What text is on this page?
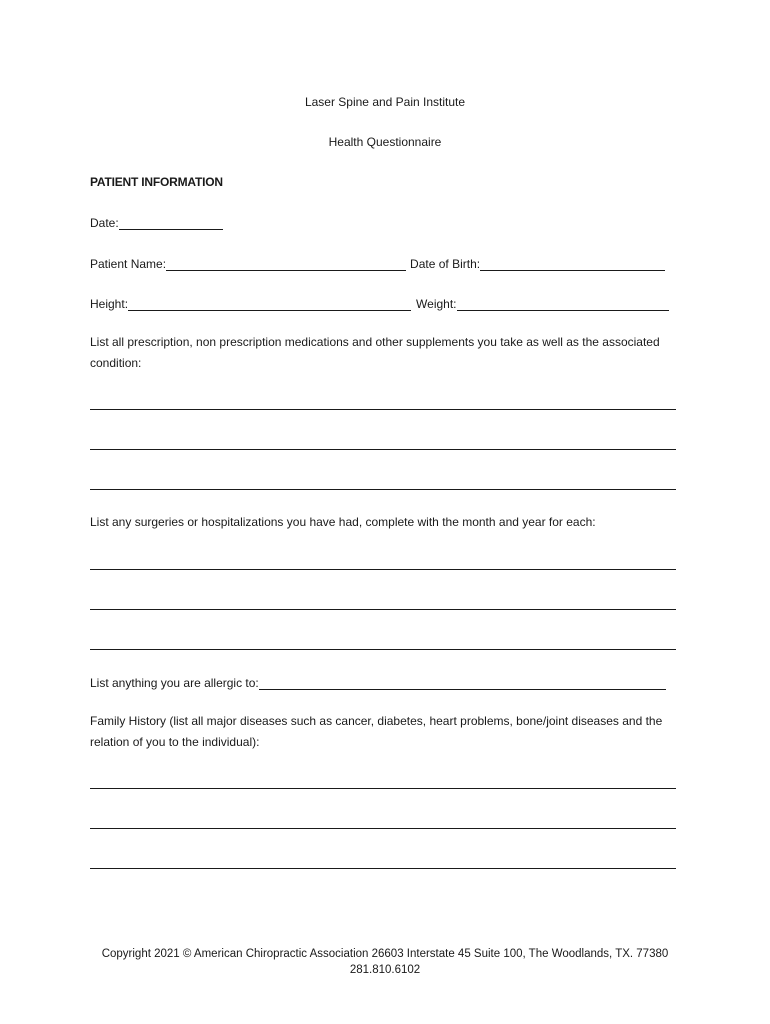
Laser Spine and Pain Institute
Health Questionnaire
PATIENT INFORMATION
Date:
Patient Name:	Date of Birth:
Height:	Weight:
List all prescription, non prescription medications and other supplements you take as well as the associated condition:
List any surgeries or hospitalizations you have had, complete with the month and year for each:
List anything you are allergic to:
Family History (list all major diseases such as cancer, diabetes, heart problems, bone/joint diseases and the relation of you to the individual):
Copyright 2021 © American Chiropractic Association 26603 Interstate 45 Suite 100, The Woodlands, TX. 77380
281.810.6102
